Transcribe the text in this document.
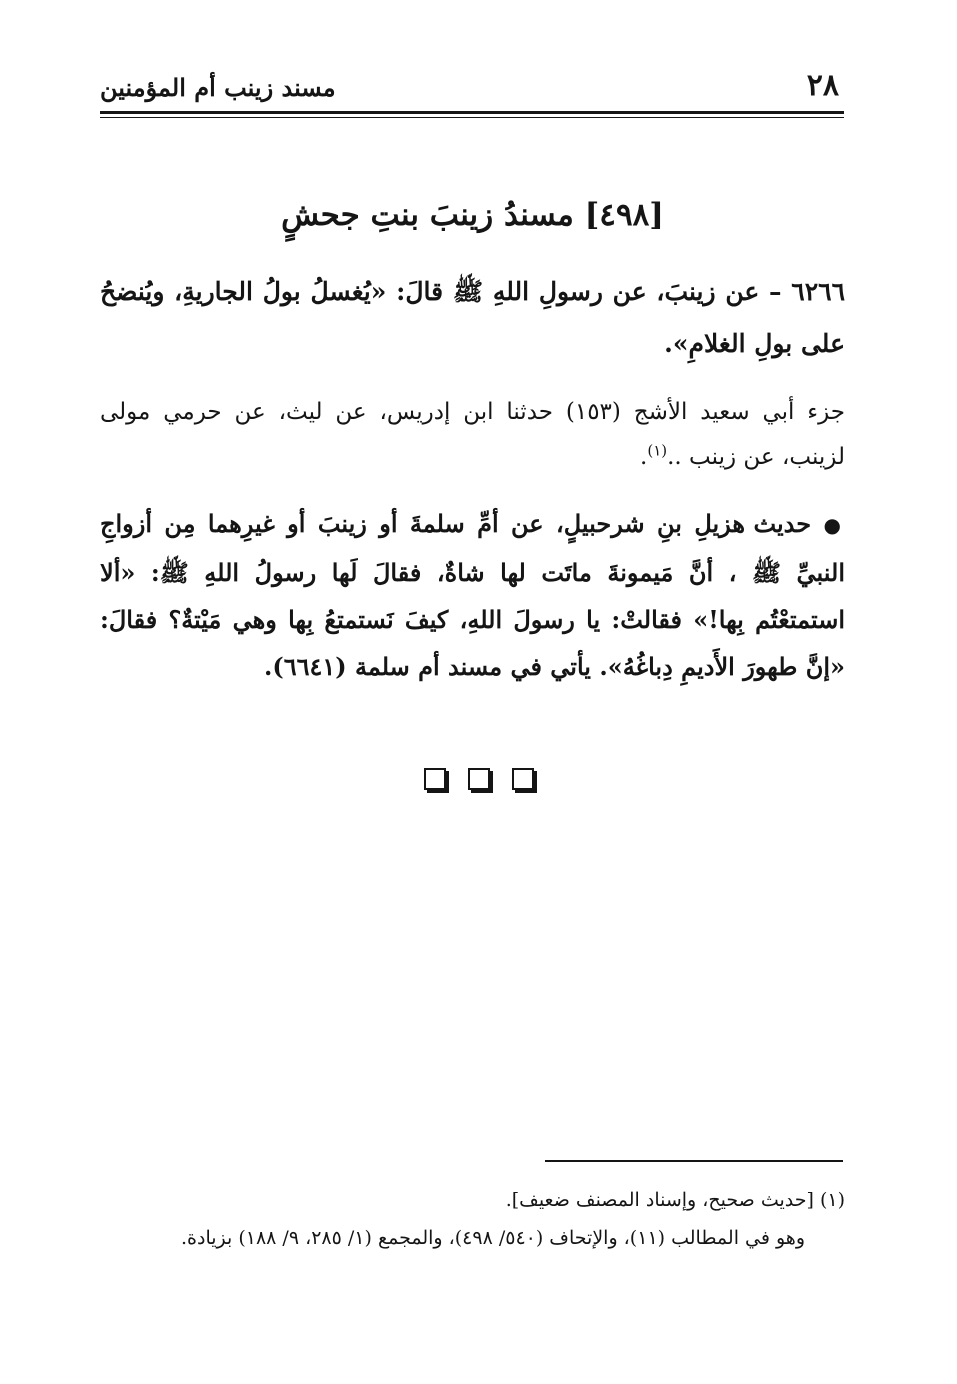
٢٨
مسند زينب أم المؤمنين
[٤٩٨] مسندُ زينبَ بنتِ جحشٍ
٦٢٦٦ – عن زينبَ، عن رسولِ اللهِ ﷺ قالَ: «يُغسلُ بولُ الجاريةِ، ويُنضحُ على بولِ الغلامِ».
جزء أبي سعيد الأشج (١٥٣) حدثنا ابن إدريس، عن ليث، عن حرمي مولى لزينب، عن زينب ..$^{(١)}$.
● حديث هزيلِ بنِ شرحبيلٍ، عن أمِّ سلمةَ أو زينبَ أو غيرِهما مِن أزواجِ النبيِّ ﷺ ، أنَّ مَيمونةَ ماتَت لها شاةٌ، فقالَ لَها رسولُ اللهِ ﷺ: «ألا استمتعْتُم بِها!» فقالتْ: يا رسولَ اللهِ، كيفَ نَستمتعُ بِها وهي مَيْتةٌ؟ فقالَ: «إنَّ طهورَ الأَديمِ دِباغُهُ». يأتي في مسند أم سلمة (٦٦٤١).
(١) [حديث صحيح، وإسناد المصنف ضعيف].
وهو في المطالب (١١)، والإتحاف (٥٤٠/ ٤٩٨)، والمجمع (١/ ٢٨٥، ٩/ ١٨٨) بزيادة.
